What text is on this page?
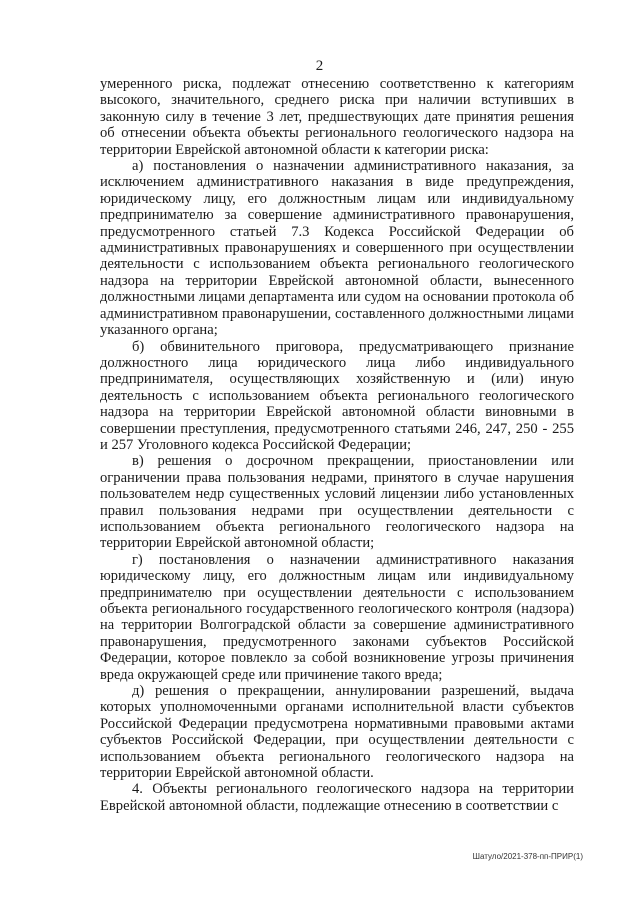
2

умеренного риска, подлежат отнесению соответственно к категориям высокого, значительного, среднего риска при наличии вступивших в законную силу в течение 3 лет, предшествующих дате принятия решения об отнесении объекта объекты регионального геологического надзора на территории Еврейской автономной области к категории риска:

а) постановления о назначении административного наказания, за исключением административного наказания в виде предупреждения, юридическому лицу, его должностным лицам или индивидуальному предпринимателю за совершение административного правонарушения, предусмотренного статьей 7.3 Кодекса Российской Федерации об административных правонарушениях и совершенного при осуществлении деятельности с использованием объекта регионального геологического надзора на территории Еврейской автономной области, вынесенного должностными лицами департамента или судом на основании протокола об административном правонарушении, составленного должностными лицами указанного органа;

б) обвинительного приговора, предусматривающего признание должностного лица юридического лица либо индивидуального предпринимателя, осуществляющих хозяйственную и (или) иную деятельность с использованием объекта регионального геологического надзора на территории Еврейской автономной области виновными в совершении преступления, предусмотренного статьями 246, 247, 250 - 255 и 257 Уголовного кодекса Российской Федерации;

в) решения о досрочном прекращении, приостановлении или ограничении права пользования недрами, принятого в случае нарушения пользователем недр существенных условий лицензии либо установленных правил пользования недрами при осуществлении деятельности с использованием объекта регионального геологического надзора на территории Еврейской автономной области;

г) постановления о назначении административного наказания юридическому лицу, его должностным лицам или индивидуальному предпринимателю при осуществлении деятельности с использованием объекта регионального государственного геологического контроля (надзора) на территории Волгоградской области за совершение административного правонарушения, предусмотренного законами субъектов Российской Федерации, которое повлекло за собой возникновение угрозы причинения вреда окружающей среде или причинение такого вреда;

д) решения о прекращении, аннулировании разрешений, выдача которых уполномоченными органами исполнительной власти субъектов Российской Федерации предусмотрена нормативными правовыми актами субъектов Российской Федерации, при осуществлении деятельности с использованием объекта регионального геологического надзора на территории Еврейской автономной области.

4. Объекты регионального геологического надзора на территории Еврейской автономной области, подлежащие отнесению в соответствии с

Шатуло/2021-378-пп-ПРИР(1)
